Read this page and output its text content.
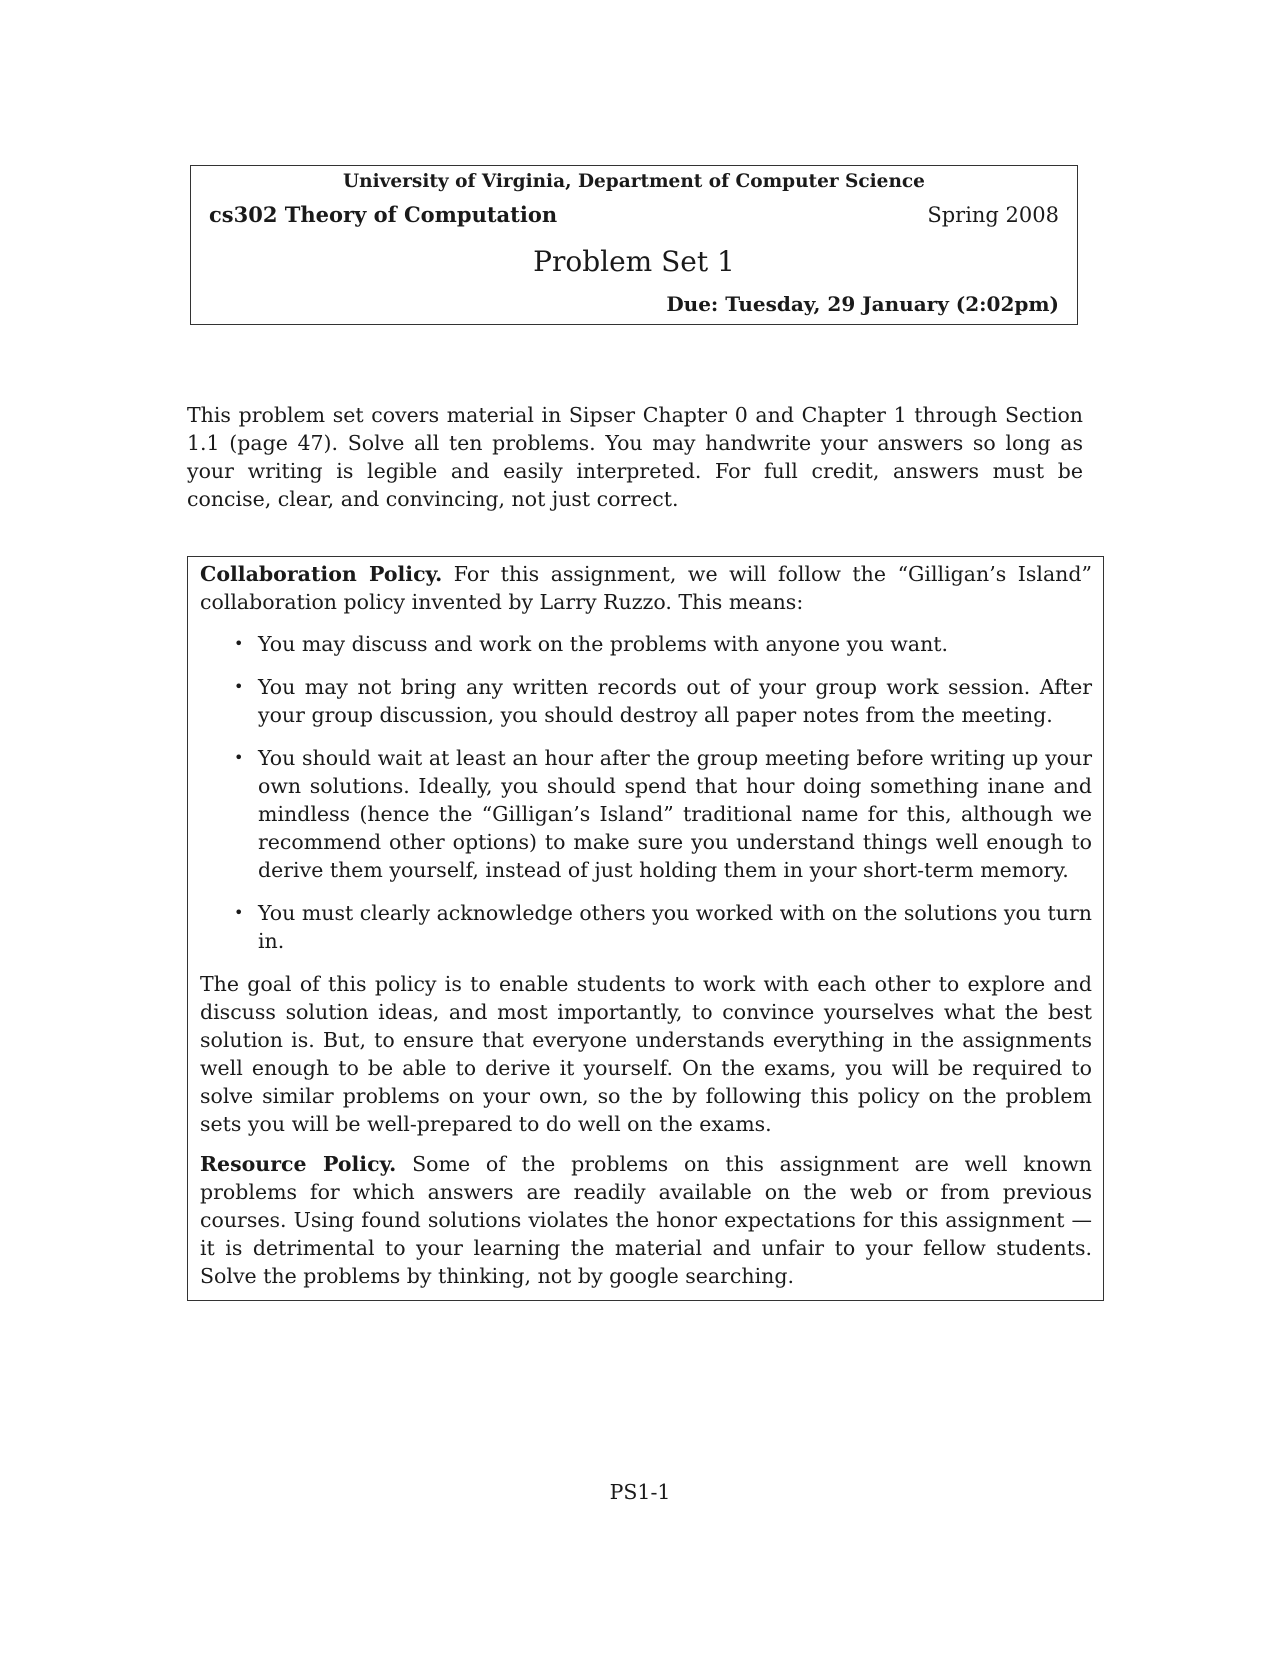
University of Virginia, Department of Computer Science
cs302 Theory of Computation	Spring 2008
Problem Set 1
Due: Tuesday, 29 January (2:02pm)

This problem set covers material in Sipser Chapter 0 and Chapter 1 through Section 1.1 (page 47). Solve all ten problems. You may handwrite your answers so long as your writing is legible and easily interpreted. For full credit, answers must be concise, clear, and convincing, not just correct.

Collaboration Policy. For this assignment, we will follow the “Gilligan’s Island” collaboration policy invented by Larry Ruzzo. This means:

• You may discuss and work on the problems with anyone you want.
• You may not bring any written records out of your group work session. After your group discussion, you should destroy all paper notes from the meeting.
• You should wait at least an hour after the group meeting before writing up your own solutions. Ideally, you should spend that hour doing something inane and mindless (hence the “Gilligan’s Island” traditional name for this, although we recommend other options) to make sure you understand things well enough to derive them yourself, instead of just holding them in your short-term memory.
• You must clearly acknowledge others you worked with on the solutions you turn in.

The goal of this policy is to enable students to work with each other to explore and discuss solution ideas, and most importantly, to convince yourselves what the best solution is. But, to ensure that everyone understands everything in the assignments well enough to be able to derive it yourself. On the exams, you will be required to solve similar problems on your own, so the by following this policy on the problem sets you will be well-prepared to do well on the exams.

Resource Policy. Some of the problems on this assignment are well known problems for which answers are readily available on the web or from previous courses. Using found solutions violates the honor expectations for this assignment — it is detrimental to your learning the material and unfair to your fellow students. Solve the problems by thinking, not by google searching.

PS1-1
